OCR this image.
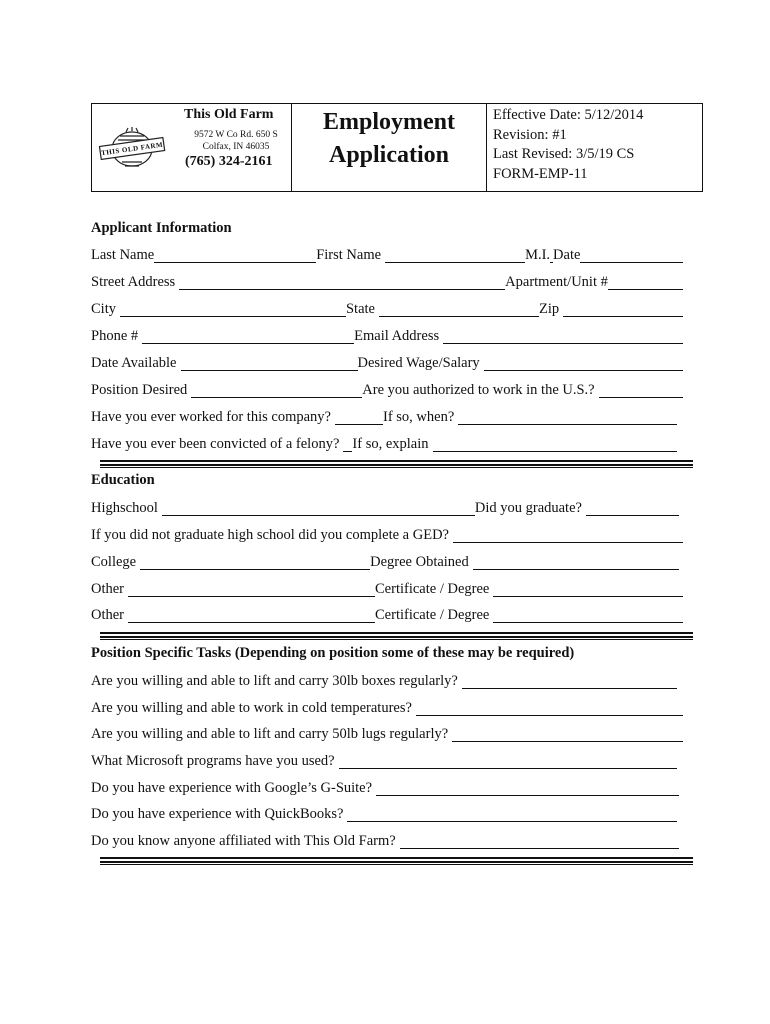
THIS OLD FARM
This Old Farm
9572 W Co Rd. 650 S
Colfax, IN 46035
(765) 324-2161
Employment
Application
Effective Date: 5/12/2014
Revision: #1
Last Revised: 3/5/19 CS
FORM-EMP-11
Applicant Information
Last Name	First Name	M.I. Date
Street Address	Apartment/Unit #
City	State	Zip
Phone #	Email Address
Date Available	Desired Wage/Salary
Position Desired	Are you authorized to work in the U.S.?
Have you ever worked for this company?	If so, when?
Have you ever been convicted of a felony? If so, explain
Education
Highschool	Did you graduate?
If you did not graduate high school did you complete a GED?
College	Degree Obtained
Other	Certificate / Degree
Other	Certificate / Degree
Position Specific Tasks (Depending on position some of these may be required)
Are you willing and able to lift and carry 30lb boxes regularly?
Are you willing and able to work in cold temperatures?
Are you willing and able to lift and carry 50lb lugs regularly?
What Microsoft programs have you used?
Do you have experience with Google’s G-Suite?
Do you have experience with QuickBooks?
Do you know anyone affiliated with This Old Farm?
